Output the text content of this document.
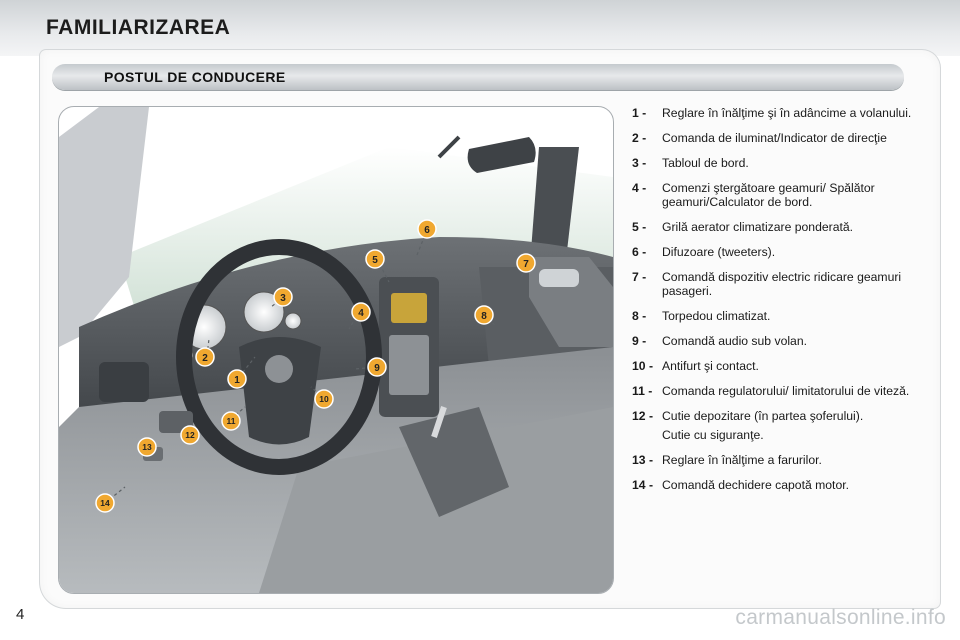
FAMILIARIZAREA
POSTUL DE CONDUCERE
1
2
3
4
5
6
7
8
9
10
11
12
13
14
1 -	Reglare în înălţime şi în adâncime a volanului.
2 -	Comanda de iluminat/Indicator de direcţie
3 -	Tabloul de bord.
4 -	Comenzi ştergătoare geamuri/ Spălător geamuri/Calculator de bord.
5 -	Grilă aerator climatizare ponderată.
6 -	Difuzoare (tweeters).
7 -	Comandă dispozitiv electric ridicare geamuri pasageri.
8 -	Torpedou climatizat.
9 -	Comandă audio sub volan.
10 - Antifurt şi contact.
11 - Comanda regulatorului/ limitatorului de viteză.
12 - Cutie depozitare (în partea şoferului).
Cutie cu siguranţe.
13 - Reglare în înălţime a farurilor.
14 - Comandă dechidere capotă motor.
4	carmanualsonline.info
